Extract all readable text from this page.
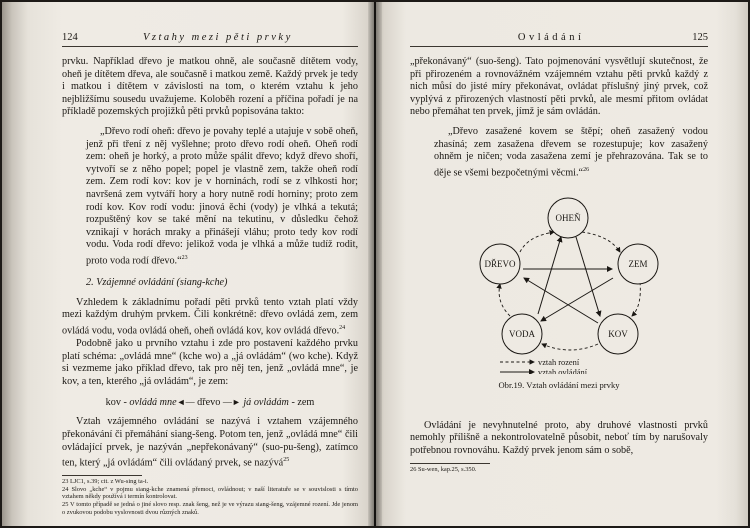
124	Vztahy mezi pěti prvky

prvku. Například dřevo je matkou ohně, ale současně dítětem vody, oheň je dítětem dřeva, ale současně i matkou země. Každý prvek je tedy i matkou i dítětem v závislosti na tom, o kterém vztahu k jeho nejbližšímu sousedu uvažujeme. Koloběh rození a příčina pořadí je na příkladě pozemských projižků pěti prvků popisována takto:

„Dřevo rodí oheň: dřevo je povahy teplé a utajuje v sobě oheň, jenž při tření z něj vyšlehne; proto dřevo rodí oheň. Oheň rodí zem: oheň je horký, a proto může spálit dřevo; když dřevo shoří, vytvoří se z něho popel; popel je vlastně zem, takže oheň rodí zem. Zem rodí kov: kov je v horninách, rodí se z vlhkosti hor; navršená zem vytváří hory a hory nutně rodí horniny; proto zem rodí kov. Kov rodí vodu: jinová ěchi (vody) je vlhká a tekutá; rozpuštěný kov se také mění na tekutinu, v důsledku čehož vznikají v horách mraky a přinášejí vláhu; proto tedy kov rodí vodu. Voda rodí dřevo: jelikož voda je vlhká a může tudíž rodit, proto voda rodí dřevo.“$^{23}$

2. Vzájemné ovládání (siang-kche)

Vzhledem k základnímu pořadí pěti prvků tento vztah platí vždy mezi každým druhým prvkem. Čili konkrétně: dřevo ovládá zem, zem ovládá vodu, voda ovládá oheň, oheň ovládá kov, kov ovládá dřevo.$^{24}$

Podobně jako u prvního vztahu i zde pro postavení každého prvku platí schéma: „ovládá mne“ (kche wo) a „já ovládám“ (wo kche). Když si vezmeme jako příklad dřevo, tak pro něj ten, jenž „ovládá mne“, je kov, a ten, kterého „já ovládám“, je zem:

kov - ovládá mne◄— dřevo —► já ovládám - zem

Vztah vzájemného ovládání se nazývá i vztahem vzájemného překonávání či přemáhání siang-šeng. Potom ten, jenž „ovládá mne“ čili ovládající prvek, je nazýván „nepřekonávaný“ (suo-pu-šeng), zatímco ten, který „já ovládám“ čili ovládaný prvek, se nazývá$^{25}$

23 LJC1, s.39; cit. z Wu-sing ta-i.

24 Slovo „kche“ v pojmu siang-kche znamená přemoci, ovládnout; v naší literatuře se v souvislosti s tímto vztahem někdy používá i termín kontrolovat.

25 V tomto případě se jedná o jiné slovo resp. znak šeng, než je ve výrazu siang-šeng, vzájemné rození. Jde jenom o zvukovou podobu vyslovnosti dvou různých znaků.

Ovládání	125

„překonávaný“ (suo-šeng). Tato pojmenování vysvětlují skutečnost, že při přirozeném a rovnovážném vzájemném vztahu pěti prvků každý z nich můsí do jisté míry překonávat, ovládat příslušný jiný prvek, což vyplývá z přirozených vlastností pěti prvků, ale mesmí přitom ovládat nebo přemáhat ten prvek, jímž je sám ovládán.

„Dřevo zasažené kovem se štěpí; oheň zasažený vodou zhasíná; zem zasažena dřevem se rozestupuje; kov zasažený ohněm je ničen; voda zasažena zemí je přehrazována. Tak se to děje se všemi bezpočetnými věcmi.“$^{26}$

OHEŇ
ZEM
KOV
VODA
DŘEVO
vztah rození
vztah ovládání
Obr.19. Vztah ovládání mezi prvky

Ovládání je nevyhnutelné proto, aby druhové vlastnosti prvků nemohly přílišně a nekontrolovatelně působit, neboť tím by narušovaly potřebnou rovnováhu. Každý prvek jenom sám o sobě,

26 Su-wen, kap.25, s.350.
